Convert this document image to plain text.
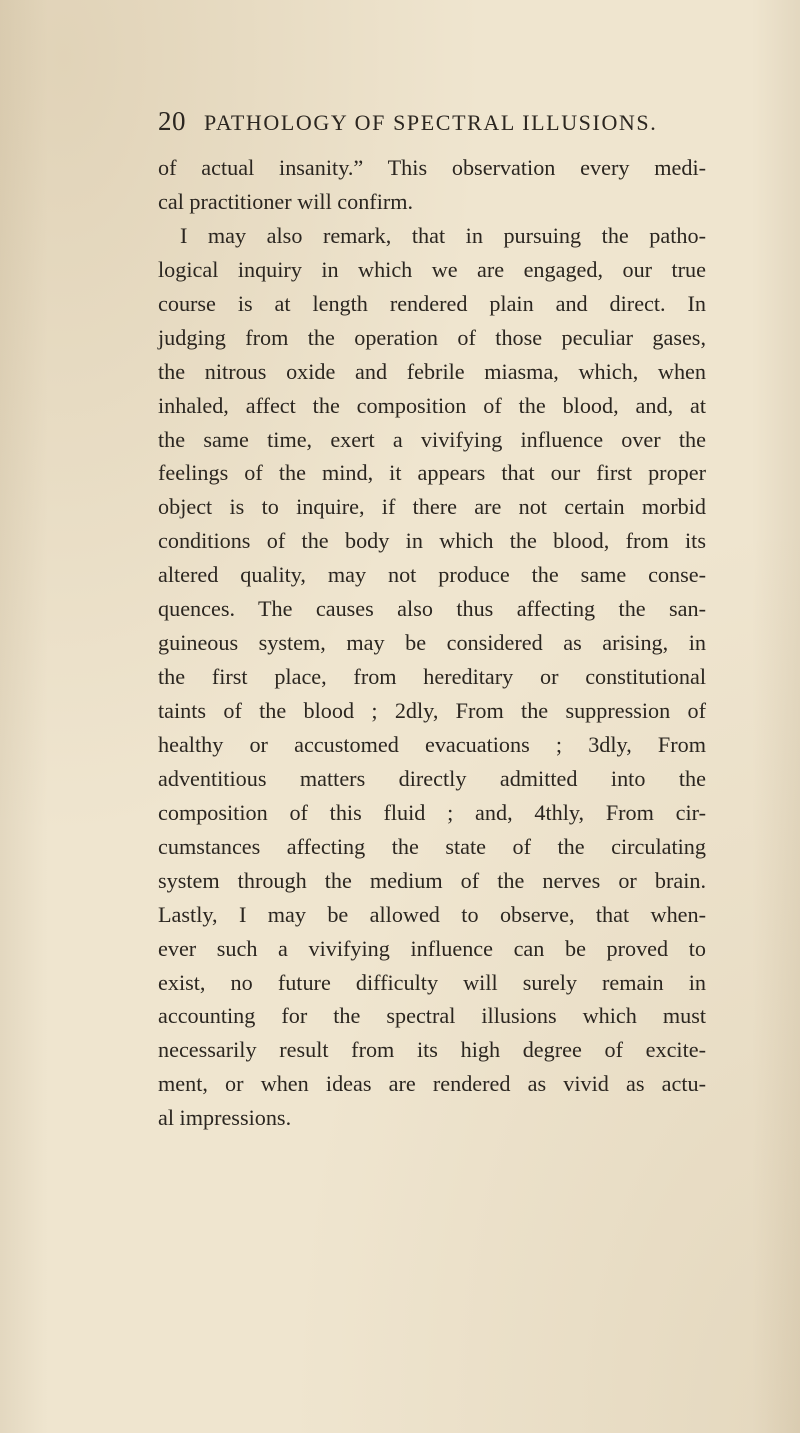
20 PATHOLOGY OF SPECTRAL ILLUSIONS.
of actual insanity.” This observation every medi-
cal practitioner will confirm.
I may also remark, that in pursuing the patho-
logical inquiry in which we are engaged, our true
course is at length rendered plain and direct. In
judging from the operation of those peculiar gases,
the nitrous oxide and febrile miasma, which, when
inhaled, affect the composition of the blood, and, at
the same time, exert a vivifying influence over the
feelings of the mind, it appears that our first proper
object is to inquire, if there are not certain morbid
conditions of the body in which the blood, from its
altered quality, may not produce the same conse-
quences. The causes also thus affecting the san-
guineous system, may be considered as arising, in
the first place, from hereditary or constitutional
taints of the blood ; 2dly, From the suppression of
healthy or accustomed evacuations ; 3dly, From
adventitious matters directly admitted into the
composition of this fluid ; and, 4thly, From cir-
cumstances affecting the state of the circulating
system through the medium of the nerves or brain.
Lastly, I may be allowed to observe, that when-
ever such a vivifying influence can be proved to
exist, no future difficulty will surely remain in
accounting for the spectral illusions which must
necessarily result from its high degree of excite-
ment, or when ideas are rendered as vivid as actu-
al impressions.
